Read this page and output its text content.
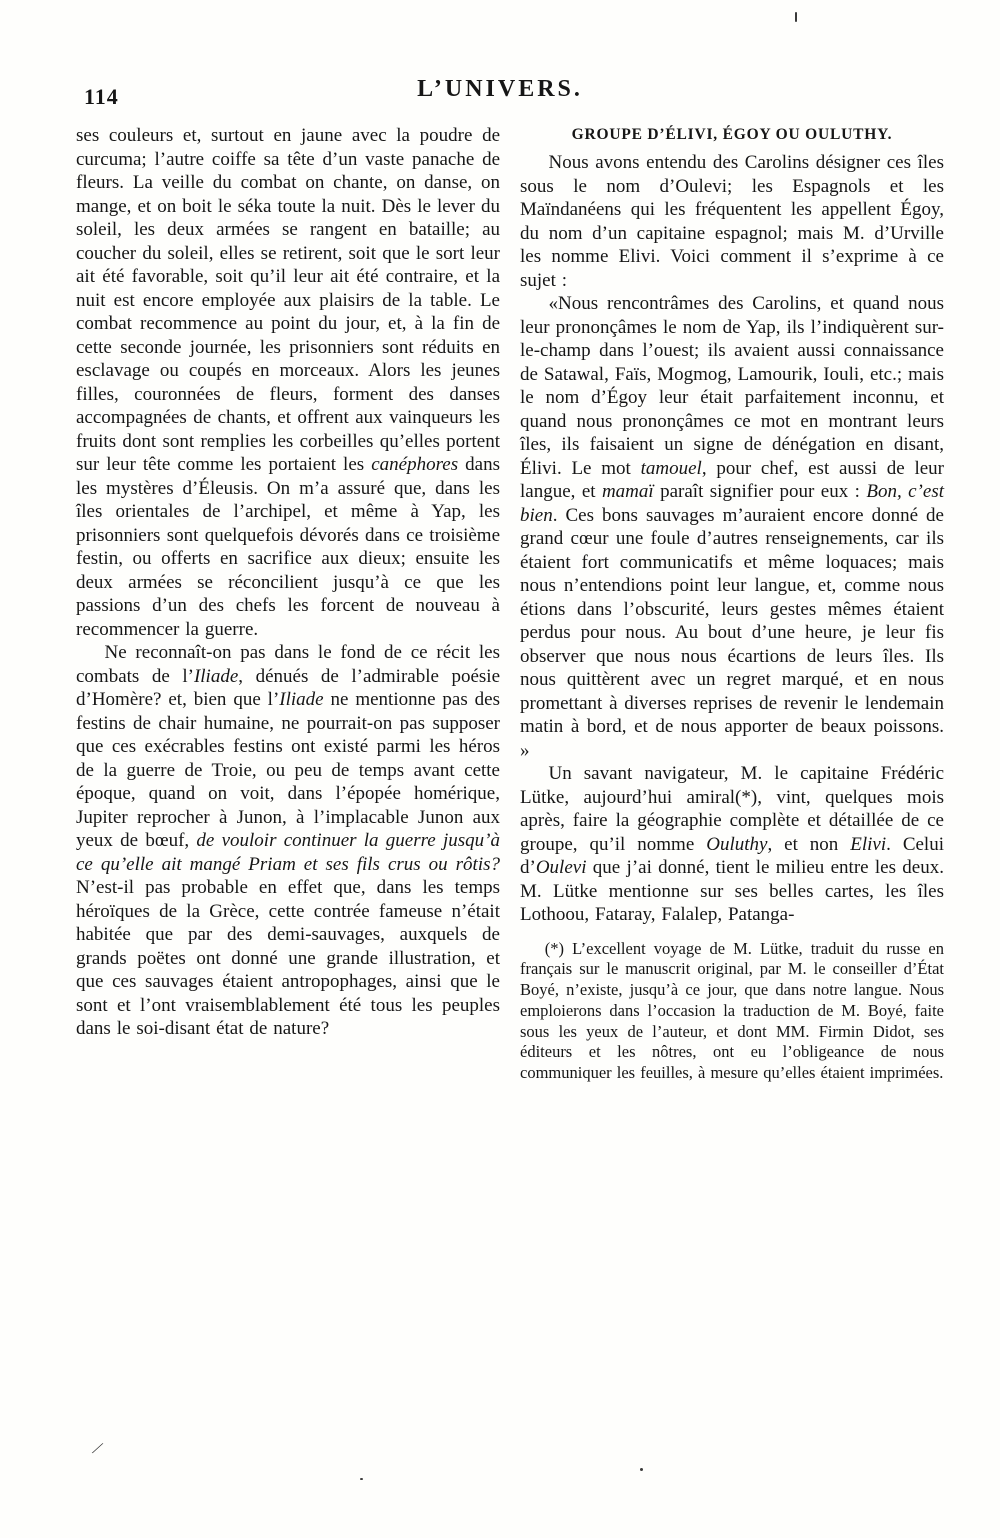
114	L’UNIVERS.

ses couleurs et, surtout en jaune avec la poudre de curcuma; l’autre coiffe sa tête d’un vaste panache de fleurs. La veille du combat on chante, on danse, on mange, et on boit le séka toute la nuit. Dès le lever du soleil, les deux armées se rangent en bataille; au coucher du soleil, elles se retirent, soit que le sort leur ait été favorable, soit qu’il leur ait été contraire, et la nuit est encore employée aux plaisirs de la table. Le combat recommence au point du jour, et, à la fin de cette seconde journée, les prisonniers sont réduits en esclavage ou coupés en morceaux. Alors les jeunes filles, couronnées de fleurs, forment des danses accompagnées de chants, et offrent aux vainqueurs les fruits dont sont remplies les corbeilles qu’elles portent sur leur tête comme les portaient les canéphores dans les mystères d’Éleusis. On m’a assuré que, dans les îles orientales de l’archipel, et même à Yap, les prisonniers sont quelquefois dévorés dans ce troisième festin, ou offerts en sacrifice aux dieux; ensuite les deux armées se réconcilient jusqu’à ce que les passions d’un des chefs les forcent de nouveau à recommencer la guerre.

Ne reconnaît-on pas dans le fond de ce récit les combats de l’Iliade, dénués de l’admirable poésie d’Homère? et, bien que l’Iliade ne mentionne pas des festins de chair humaine, ne pourrait-on pas supposer que ces exécrables festins ont existé parmi les héros de la guerre de Troie, ou peu de temps avant cette époque, quand on voit, dans l’épopée homérique, Jupiter reprocher à Junon, à l’implacable Junon aux yeux de bœuf, de vouloir continuer la guerre jusqu’à ce qu’elle ait mangé Priam et ses fils crus ou rôtis? N’est-il pas probable en effet que, dans les temps héroïques de la Grèce, cette contrée fameuse n’était habitée que par des demi-sauvages, auxquels de grands poëtes ont donné une grande illustration, et que ces sauvages étaient antropophages, ainsi que le sont et l’ont vraisemblablement été tous les peuples dans le soi-disant état de nature?

GROUPE D’ÉLIVI, ÉGOY OU OULUTHY.

Nous avons entendu des Carolins désigner ces îles sous le nom d’Oulevi; les Espagnols et les Maïndanéens qui les fréquentent les appellent Égoy, du nom d’un capitaine espagnol; mais M. d’Urville les nomme Elivi. Voici comment il s’exprime à ce sujet :

«Nous rencontrâmes des Carolins, et quand nous leur prononçâmes le nom de Yap, ils l’indiquèrent sur-le-champ dans l’ouest; ils avaient aussi connaissance de Satawal, Faïs, Mogmog, Lamourik, Iouli, etc.; mais le nom d’Égoy leur était parfaitement inconnu, et quand nous prononçâmes ce mot en montrant leurs îles, ils faisaient un signe de dénégation en disant, Élivi. Le mot tamouel, pour chef, est aussi de leur langue, et mamaï paraît signifier pour eux : Bon, c’est bien. Ces bons sauvages m’auraient encore donné de grand cœur une foule d’autres renseignements, car ils étaient fort communicatifs et même loquaces; mais nous n’entendions point leur langue, et, comme nous étions dans l’obscurité, leurs gestes mêmes étaient perdus pour nous. Au bout d’une heure, je leur fis observer que nous nous écartions de leurs îles. Ils nous quittèrent avec un regret marqué, et en nous promettant à diverses reprises de revenir le lendemain matin à bord, et de nous apporter de beaux poissons. »

Un savant navigateur, M. le capitaine Frédéric Lütke, aujourd’hui amiral(*), vint, quelques mois après, faire la géographie complète et détaillée de ce groupe, qu’il nomme Ouluthy, et non Elivi. Celui d’Oulevi que j’ai donné, tient le milieu entre les deux. M. Lütke mentionne sur ses belles cartes, les îles Lothoou, Fataray, Falalep, Patanga-

(*) L’excellent voyage de M. Lütke, traduit du russe en français sur le manuscrit original, par M. le conseiller d’État Boyé, n’existe, jusqu’à ce jour, que dans notre langue. Nous emploierons dans l’occasion la traduction de M. Boyé, faite sous les yeux de l’auteur, et dont MM. Firmin Didot, ses éditeurs et les nôtres, ont eu l’obligeance de nous communiquer les feuilles, à mesure qu’elles étaient imprimées.

⁄
